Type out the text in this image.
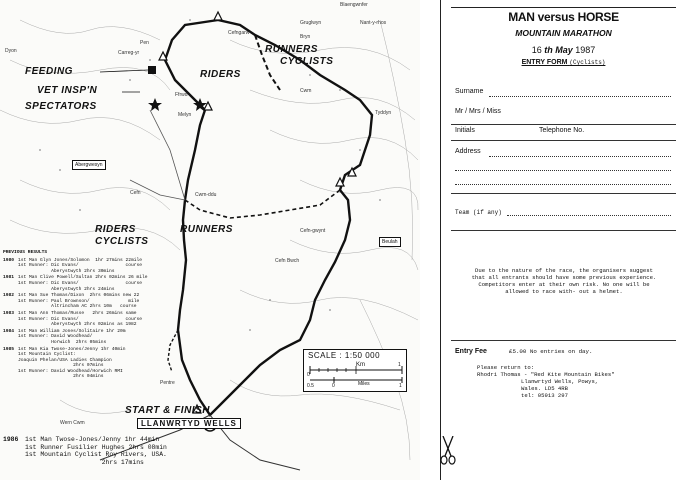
Blaengwnfer
Gruglwyn	Nant-y-rhos
Cefngarw
Bryn
Pen
Carreg-yr
Dyon
Ffrwd
Melyn
Cefn	Cwm-ddu
Cefn-gwynt
Cwm
Cefn Bwch
Tyddyn
Pentre
Wern Cwm
Abergwesyn
Beulah
RUNNERS
CYCLISTS
RIDERS
RIDERS
CYCLISTS
RUNNERS
FEEDING
VET INSP'N
SPECTATORS
PREVIOUS RESULTS
1980 1st Man Glyn Jones/Solomon  1hr 27mins 22mile
1st Runner: Dic Evans/                 course
Aberystwyth 2hrs 30mins
1981 1st Man Clive Powell/Sultan 2hrs 02mins 26 mile
1st Runner: Dic Evans/                 course
Aberystwyth 2hrs 24mins
1982 1st Man Sue Thomas/Dixon  2hrs 06mins new 22
1st Runner: Paul Brownson/              mile
Altrincham AC 2hrs 10m   course
1983 1st Man Ann Thomas/Russe   2hrs 26mins same
1st Runner: Dic Evans/                 course
Aberystwyth 2hrs 02mins as 1982
1984 1st Man William Jones/Solitaire 1hr 20m
1st Runner: David Woodhead/
Horwich  2hrs 05mins
1985 1st Man Kia Twose-Jones/Jenny 1hr 40min
1st Mountain Cyclist:
Joaquin Phelan/USA Ladies Champion
2hrs 07mins
1st Runner: David Woodhead/Horwich RMI
2hrs 04mins
1986 1st Man Twose-Jones/Jenny 1hr 44min
1st Runner Fusilier Hughes 2hrs 08min
1st Mountain Cyclist Roy Rivers, USA.
2hrs 17mins
SCALE : 1:50 000
0
Km	1
0.5	0	Miles	1
START & FINISH
LLANWRTYD WELLS
MAN versus HORSE
MOUNTAIN MARATHON
16 th May 1987
ENTRY FORM (Cyclists)
Surname
Mr / Mrs / Miss
Initials	Telephone No.
Address
Team (if any)
Due to the nature of the race, the organisers suggest that all entrants should have some previous experience. Competitors enter at their own risk. No one will be allowed to race with- out a helmet.
Entry Fee	£5.00 No entries on day.
Please return to:
Rhodri Thomas - "Red Kite Mountain Bikes"
Llanwrtyd Wells, Powys,
Wales. LD5 4RB
tel: 05913 297
